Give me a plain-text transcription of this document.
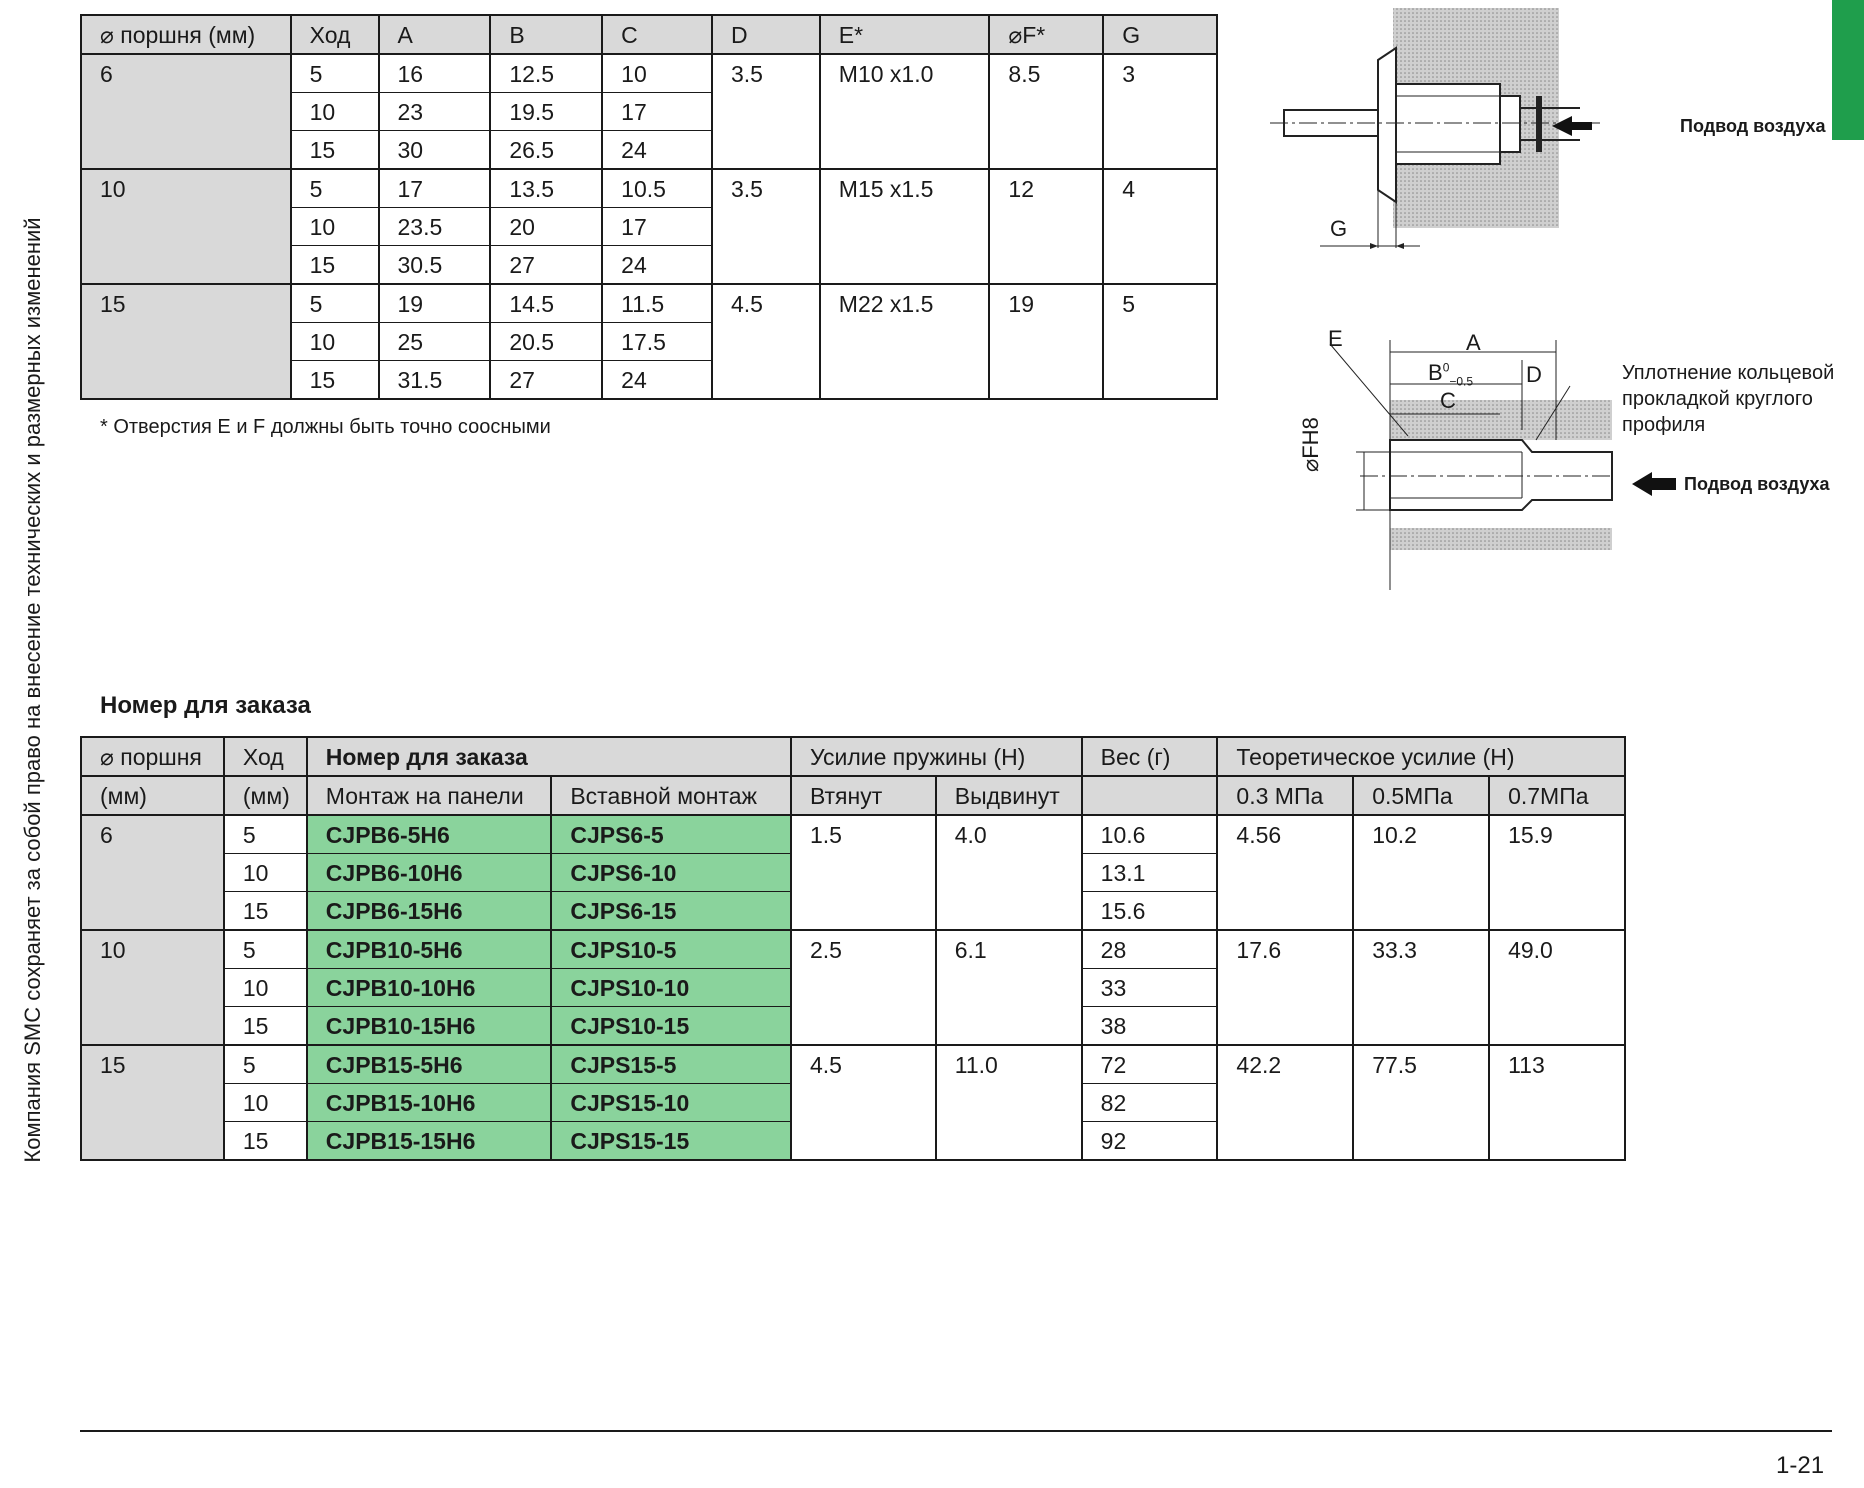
Компания SMC сохраняет за собой право на внесение технических и размерных изменений
⌀ поршня (мм)	Ход	A	B	C	D	E*	⌀F*	G
6	5	16	12.5	10	3.5	M10 x1.0	8.5	3
	10	23	19.5	17				
	15	30	26.5	24				
10	5	17	13.5	10.5	3.5	M15 x1.5	12	4
	10	23.5	20	17				
	15	30.5	27	24				
15	5	19	14.5	11.5	4.5	M22 x1.5	19	5
	10	25	20.5	17.5				
	15	31.5	27	24				
* Отверстия E и F должны быть точно соосными
G
Подвод воздуха
E	A
$B^0_{-0.5}$
C
D
⌀FH8
Уплотнение кольцевой
прокладкой круглого
профиля
Подвод воздуха
Номер для заказа
⌀ поршня	Ход	Номер для заказа		Усилие пружины (Н)		Вес (г)	Теоретическое усилие (Н)		
(мм)	(мм)	Монтаж на панели	Вставной монтаж	Втянут	Выдвинут		0.3 МПа	0.5МПа	0.7МПа
6	5	CJPB6-5H6	CJPS6-5	1.5	4.0	10.6	4.56	10.2	15.9
	10	CJPB6-10H6	CJPS6-10			13.1			
	15	CJPB6-15H6	CJPS6-15			15.6			
10	5	CJPB10-5H6	CJPS10-5	2.5	6.1	28	17.6	33.3	49.0
	10	CJPB10-10H6	CJPS10-10			33			
	15	CJPB10-15H6	CJPS10-15			38			
15	5	CJPB15-5H6	CJPS15-5	4.5	11.0	72	42.2	77.5	113
	10	CJPB15-10H6	CJPS15-10			82			
	15	CJPB15-15H6	CJPS15-15			92			
1-21
